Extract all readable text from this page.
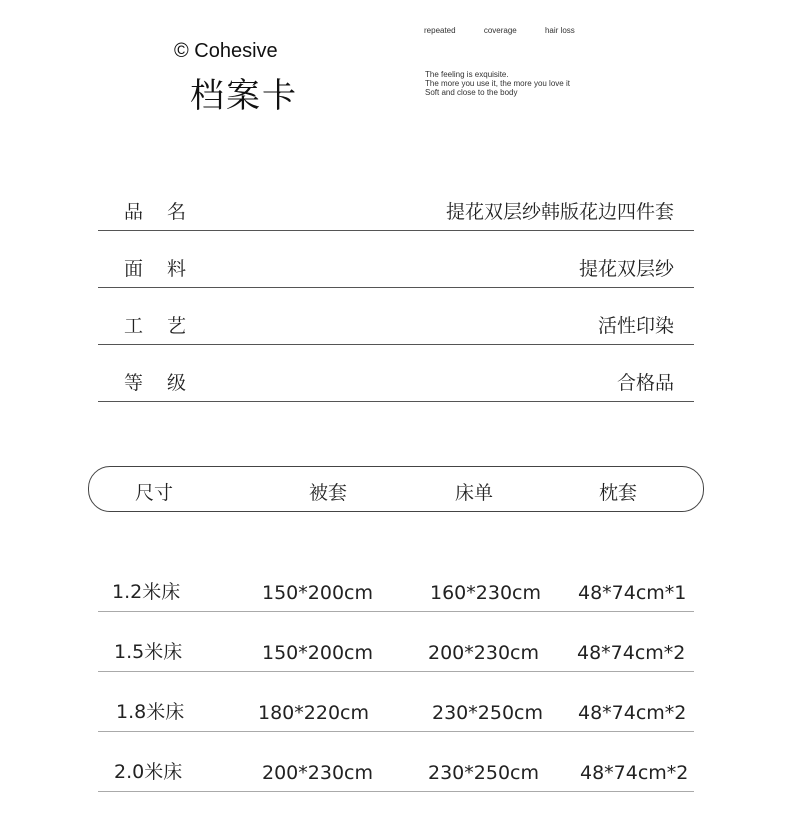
© Cohesive
档案卡
repeated	coverage	hair loss
The feeling is exquisite.
The more you use it, the more you love it
Soft and close to the body
品名	提花双层纱韩版花边四件套
面料	提花双层纱
工艺	活性印染
等级	合格品
尺寸	被套	床单	枕套
1.2米床	150*200cm	160*230cm 48*74cm*1
1.5米床	150*200cm	200*230cm 48*74cm*2
1.8米床	180*220cm	230*250cm 48*74cm*2
2.0米床	200*230cm	230*250cm 48*74cm*2
